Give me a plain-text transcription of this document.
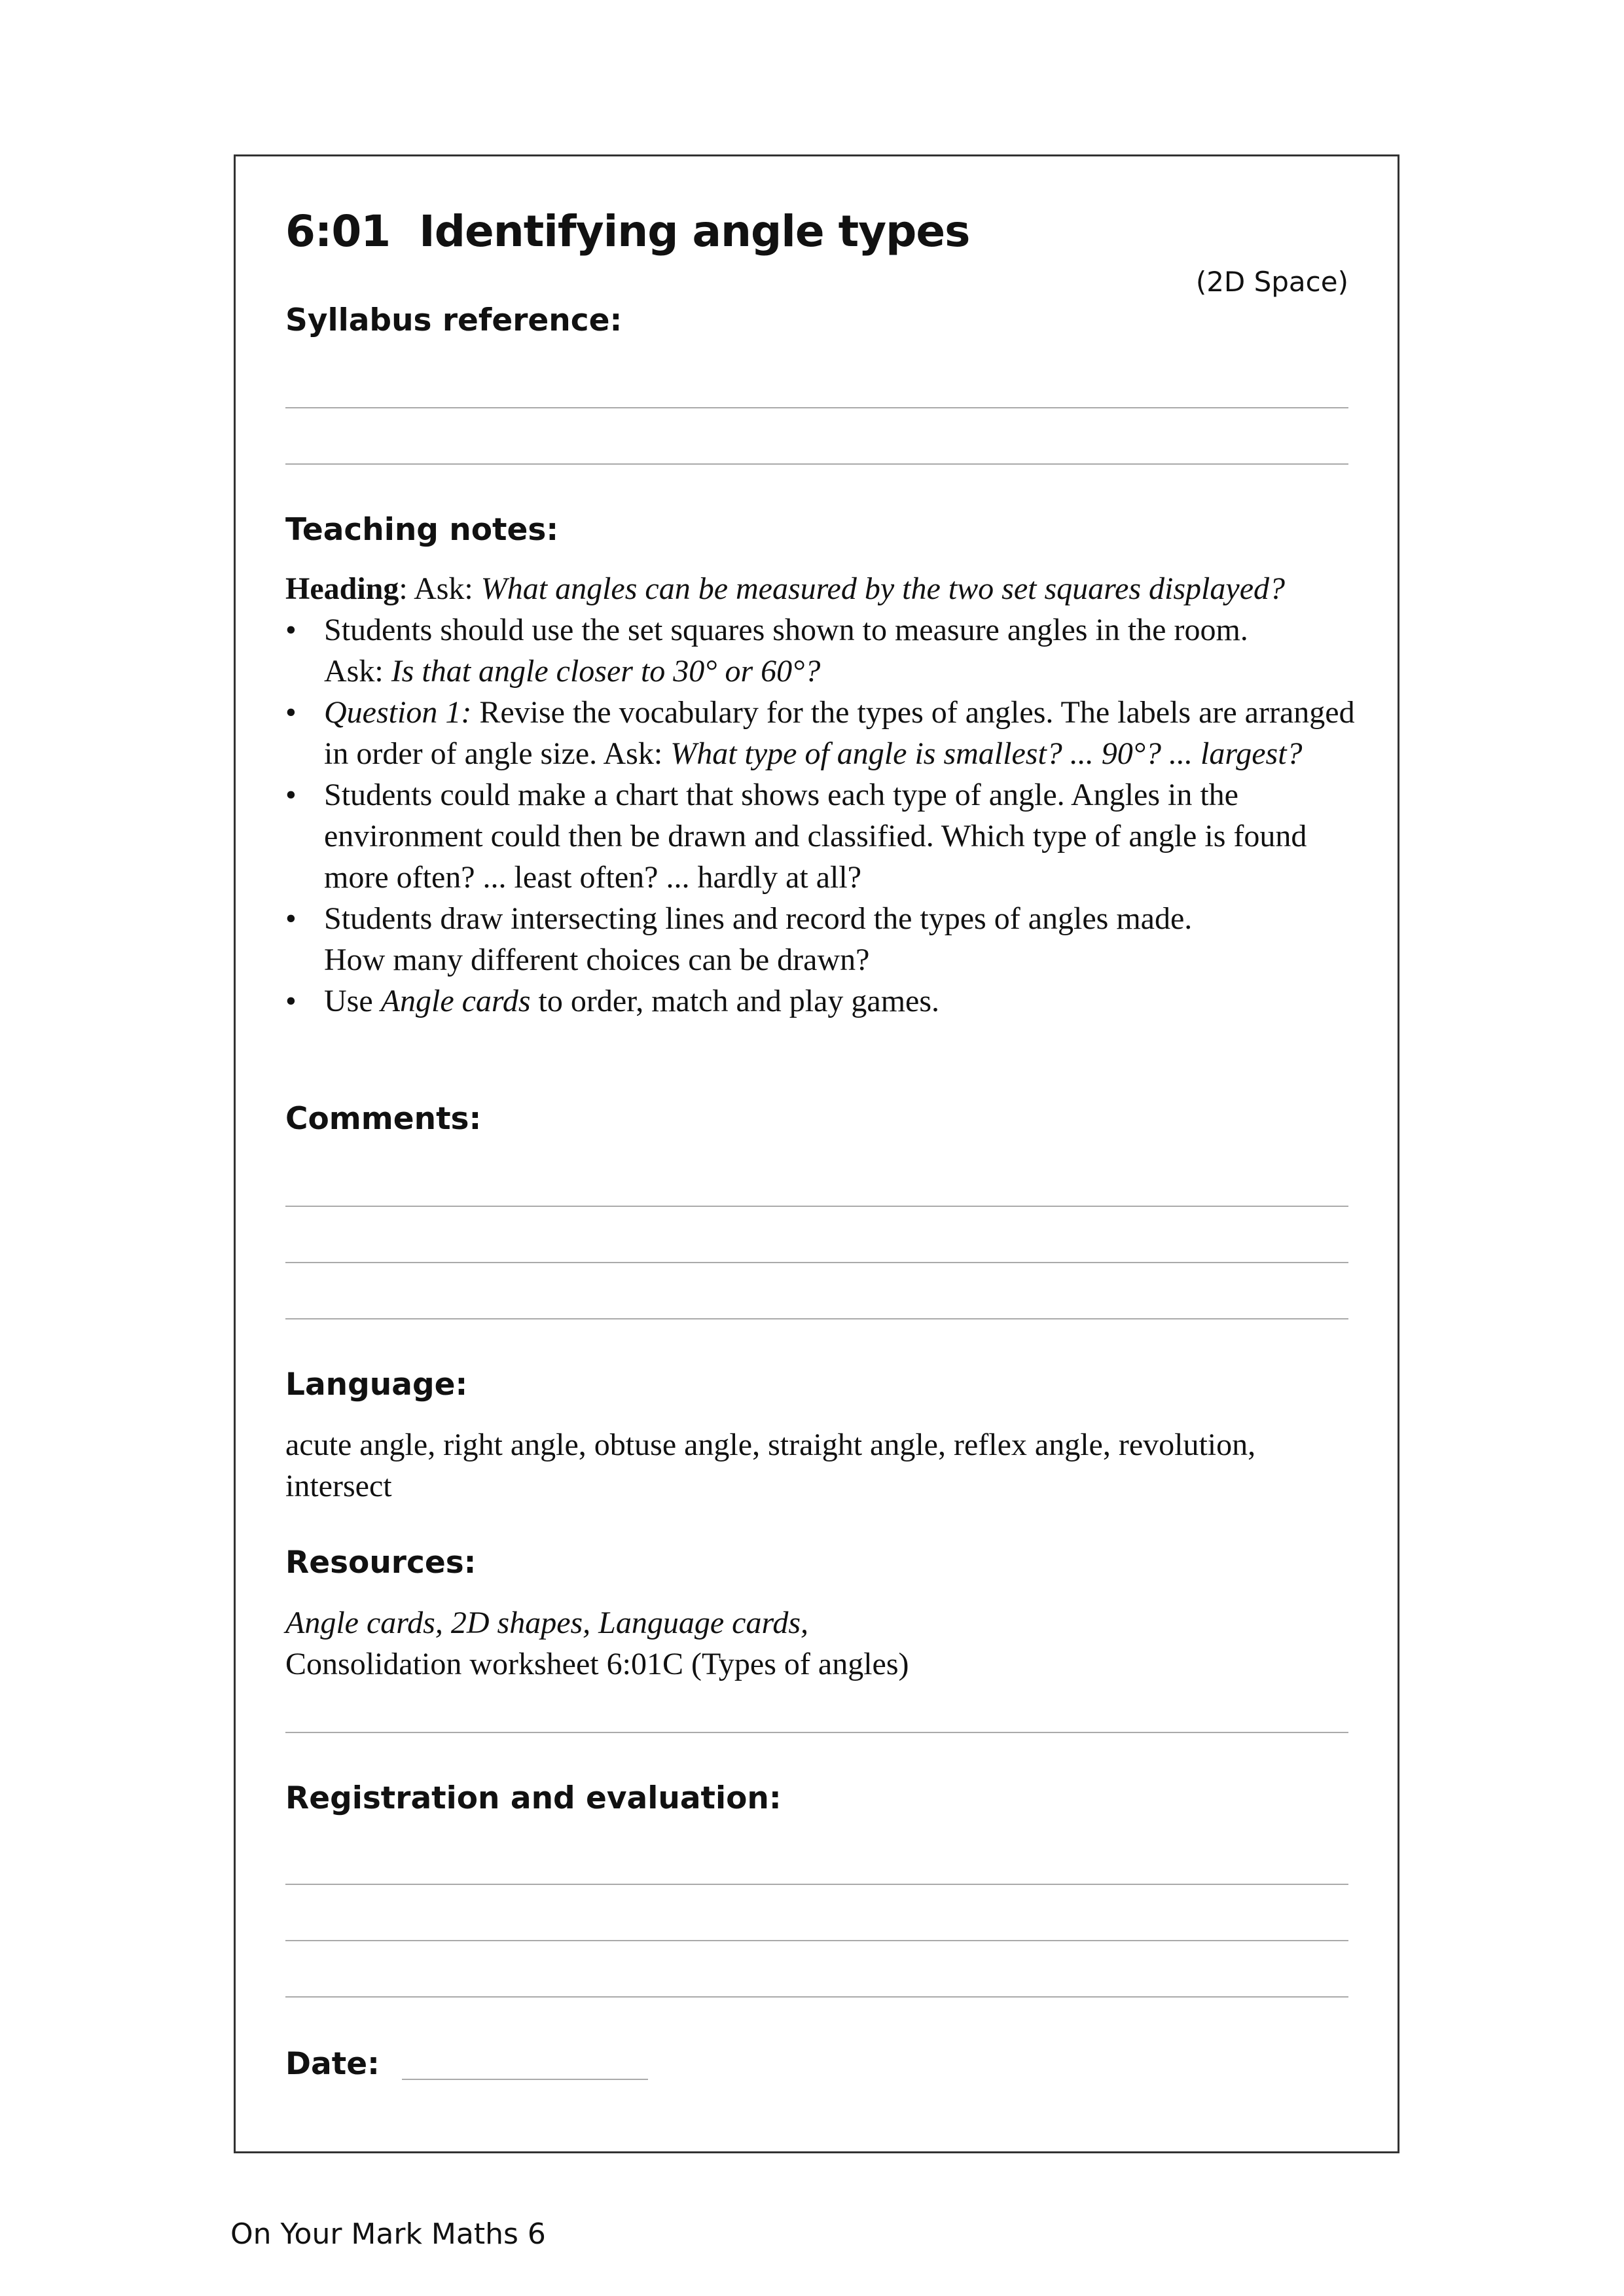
6:01 Identifying angle types
(2D Space)
Syllabus reference:
Teaching notes:

Heading: Ask: What angles can be measured by the two set squares displayed?

• Students should use the set squares shown to measure angles in the room.
Ask: Is that angle closer to 30° or 60°?
• Question 1: Revise the vocabulary for the types of angles. The labels are arranged in order of angle size. Ask: What type of angle is smallest? ... 90°? ... largest?
• Students could make a chart that shows each type of angle. Angles in the environment could then be drawn and classified. Which type of angle is found more often? ... least often? ... hardly at all?
• Students draw intersecting lines and record the types of angles made.
How many different choices can be drawn?
• Use Angle cards to order, match and play games.
Comments:
Language:
acute angle, right angle, obtuse angle, straight angle, reflex angle, revolution, intersect
Resources:
Angle cards, 2D shapes, Language cards,
Consolidation worksheet 6:01C (Types of angles)
Registration and evaluation:
Date:
On Your Mark Maths 6
